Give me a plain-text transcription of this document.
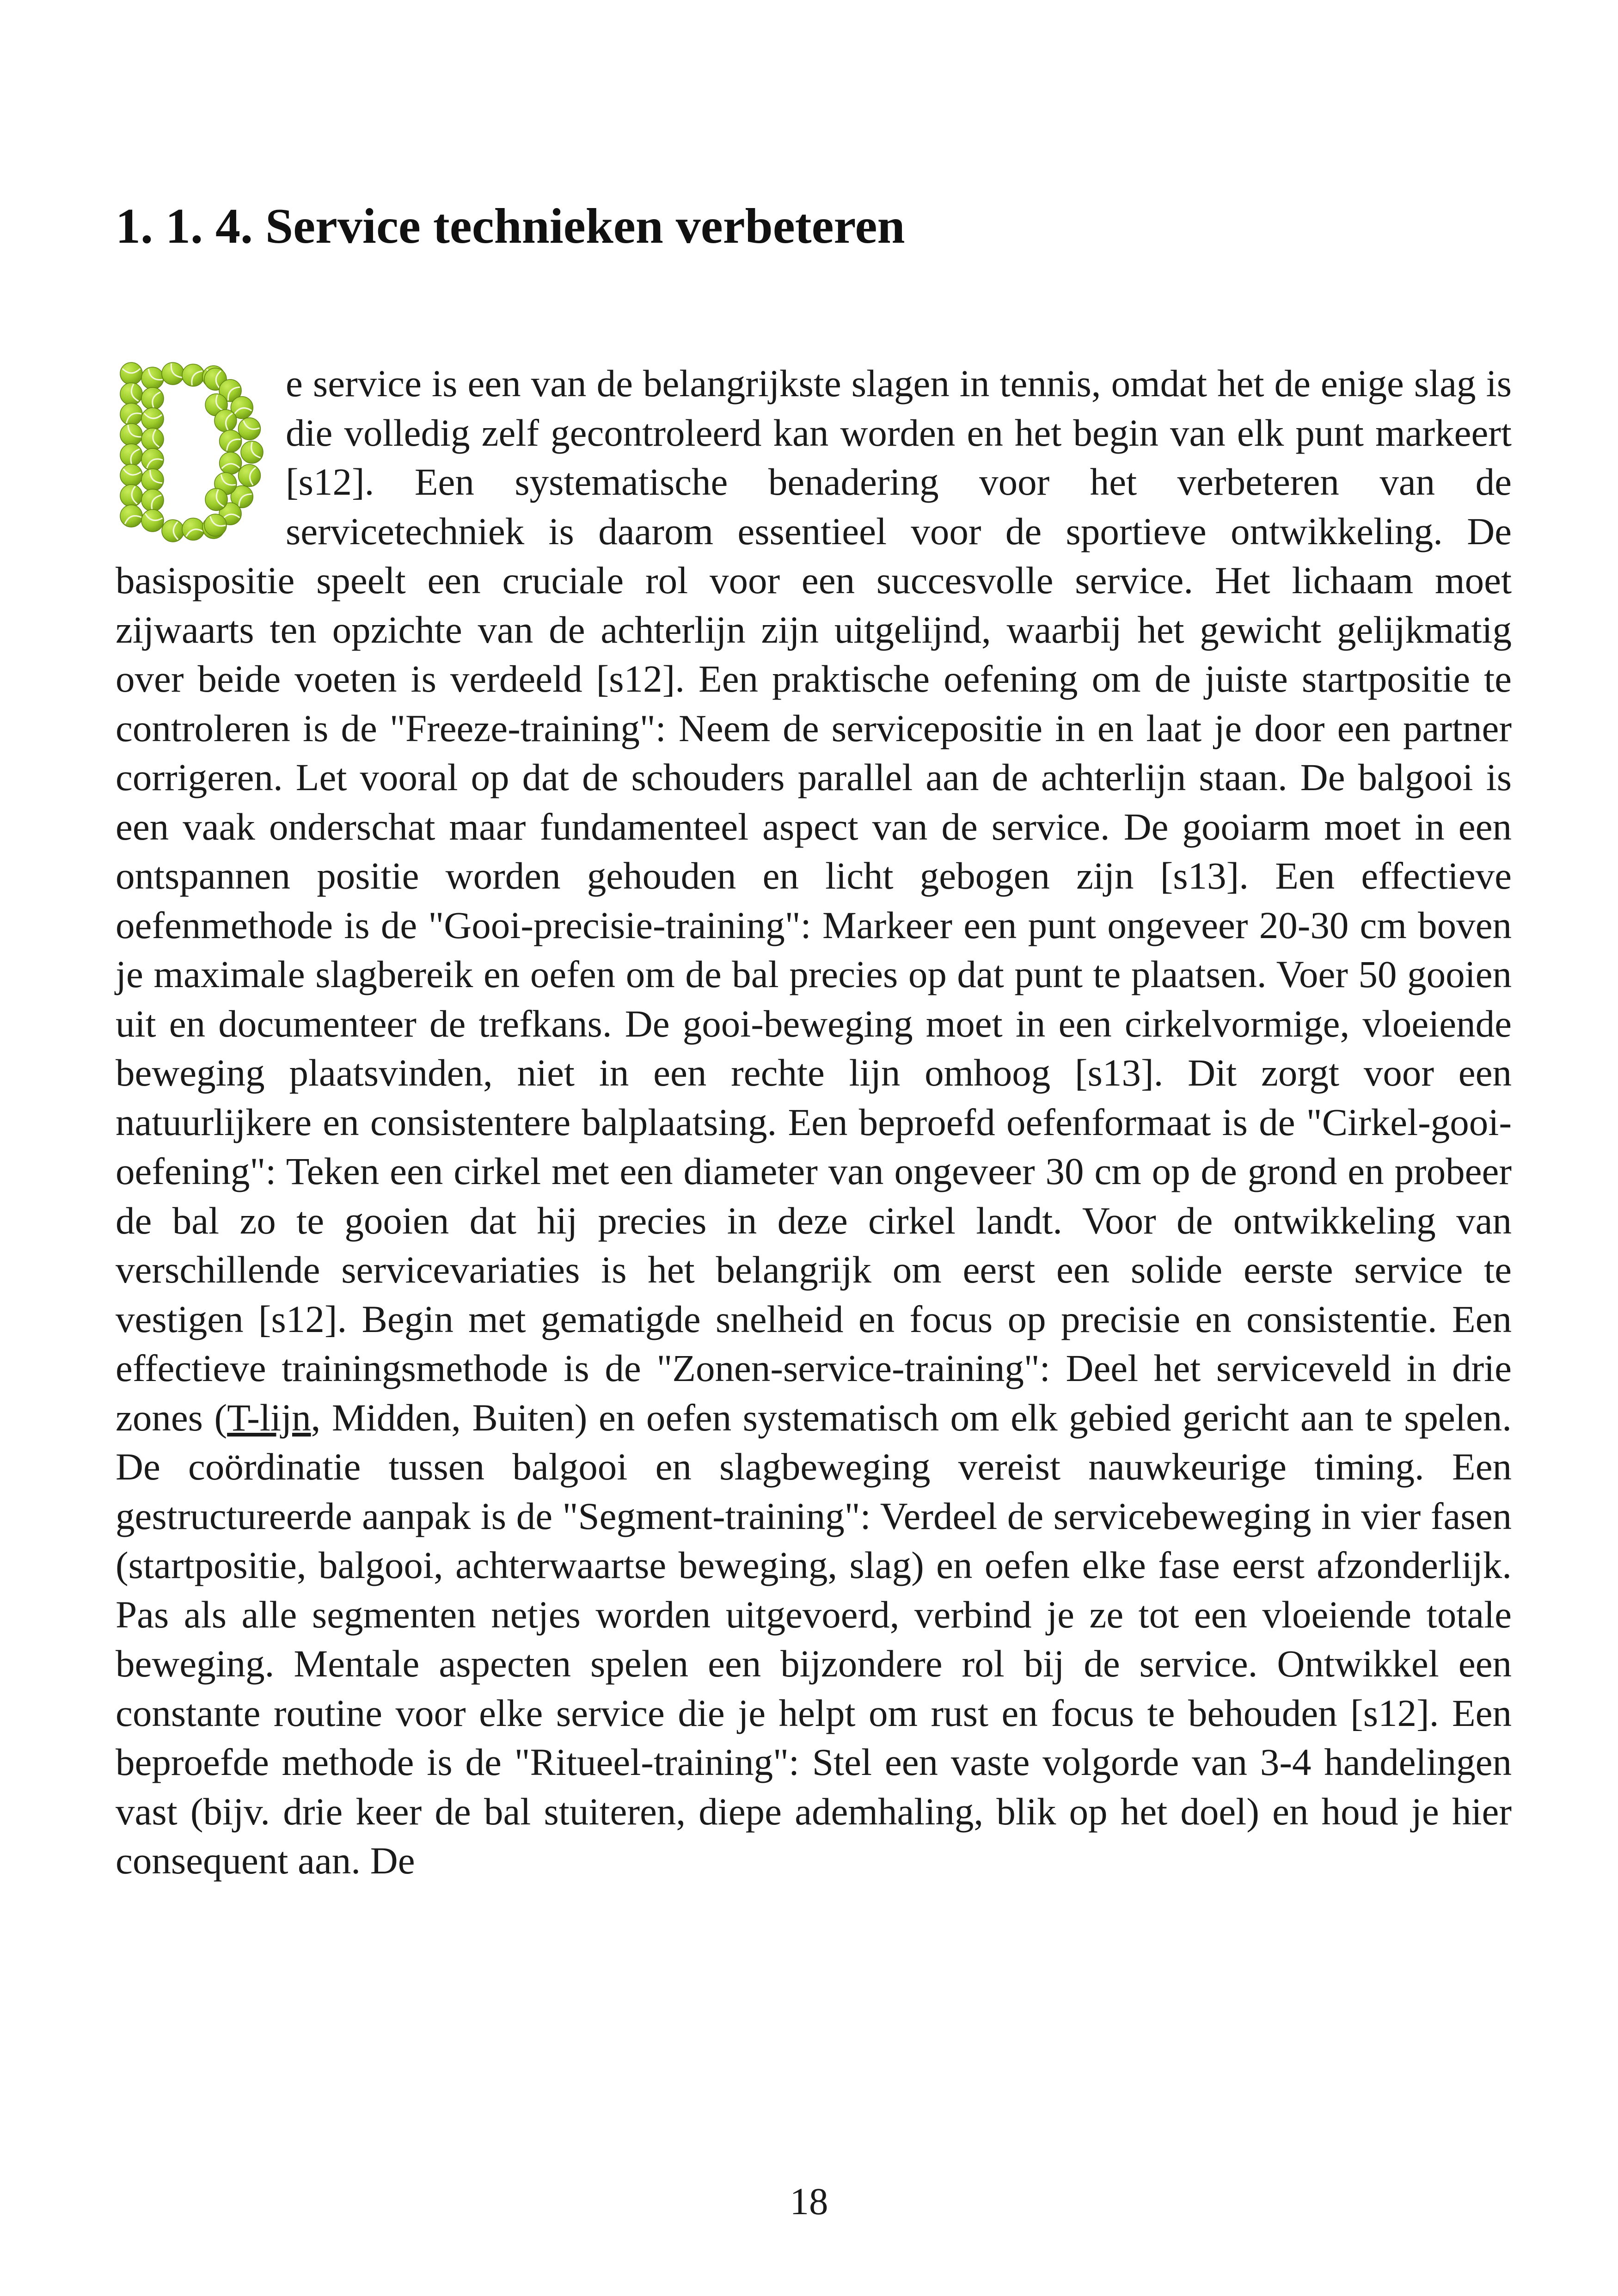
1. 1. 4. Service technieken verbeteren

e service is een van de belangrijkste slagen in tennis, omdat het de enige slag is die volledig zelf gecontroleerd kan worden en het begin van elk punt markeert [s12]. Een systematische benadering voor het verbeteren van de servicetechniek is daarom essentieel voor de sportieve ontwikkeling. De basispositie speelt een cruciale rol voor een succesvolle service. Het lichaam moet zijwaarts ten opzichte van de achterlijn zijn uitgelijnd, waarbij het gewicht gelijkmatig over beide voeten is verdeeld [s12]. Een praktische oefening om de juiste startpositie te controleren is de "Freeze-training": Neem de servicepositie in en laat je door een partner corrigeren. Let vooral op dat de schouders parallel aan de achterlijn staan. De balgooi is een vaak onderschat maar fundamenteel aspect van de service. De gooiarm moet in een ontspannen positie worden gehouden en licht gebogen zijn [s13]. Een effectieve oefenmethode is de "Gooi-precisie-training": Markeer een punt ongeveer 20-30 cm boven je maximale slagbereik en oefen om de bal precies op dat punt te plaatsen. Voer 50 gooien uit en documenteer de trefkans. De gooi-beweging moet in een cirkelvormige, vloeiende beweging plaatsvinden, niet in een rechte lijn omhoog [s13]. Dit zorgt voor een natuurlijkere en consistentere balplaatsing. Een beproefd oefenformaat is de "Cirkel-gooi-oefening": Teken een cirkel met een diameter van ongeveer 30 cm op de grond en probeer de bal zo te gooien dat hij precies in deze cirkel landt. Voor de ontwikkeling van verschillende servicevariaties is het belangrijk om eerst een solide eerste service te vestigen [s12]. Begin met gematigde snelheid en focus op precisie en consistentie. Een effectieve trainingsmethode is de "Zonen-service-training": Deel het serviceveld in drie zones (T-lijn, Midden, Buiten) en oefen systematisch om elk gebied gericht aan te spelen. De coördinatie tussen balgooi en slagbeweging vereist nauwkeurige timing. Een gestructureerde aanpak is de "Segment-training": Verdeel de servicebeweging in vier fasen (startpositie, balgooi, achterwaartse beweging, slag) en oefen elke fase eerst afzonderlijk. Pas als alle segmenten netjes worden uitgevoerd, verbind je ze tot een vloeiende totale beweging. Mentale aspecten spelen een bijzondere rol bij de service. Ontwikkel een constante routine voor elke service die je helpt om rust en focus te behouden [s12]. Een beproefde methode is de "Ritueel-training": Stel een vaste volgorde van 3-4 handelingen vast (bijv. drie keer de bal stuiteren, diepe ademhaling, blik op het doel) en houd je hier consequent aan. De

18
